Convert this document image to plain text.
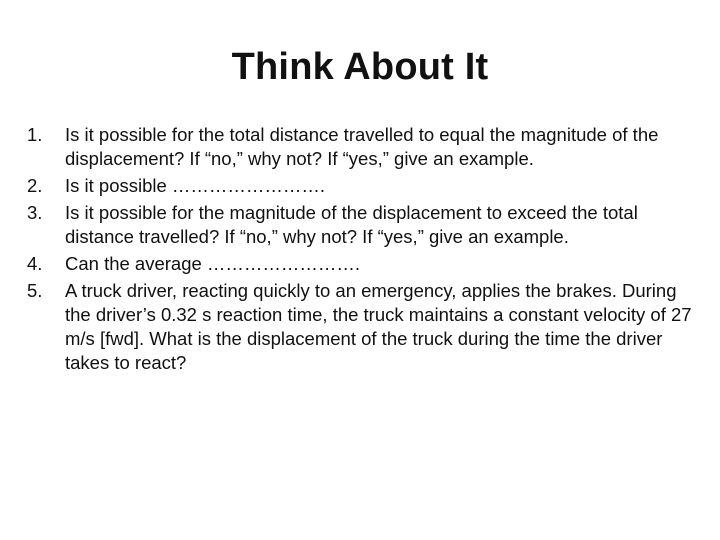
Think About It
1.	Is it possible for the total distance travelled to equal the magnitude of the displacement? If “no,” why not? If “yes,” give an example.
2.	Is it possible …………………….
3.	Is it possible for the magnitude of the displacement to exceed the total distance travelled? If “no,” why not? If “yes,” give an example.
4.	Can the average …………………….
5.	A truck driver, reacting quickly to an emergency, applies the brakes. During the driver’s 0.32 s reaction time, the truck maintains a constant velocity of 27 m/s [fwd]. What is the displacement of the truck during the time the driver takes to react?
